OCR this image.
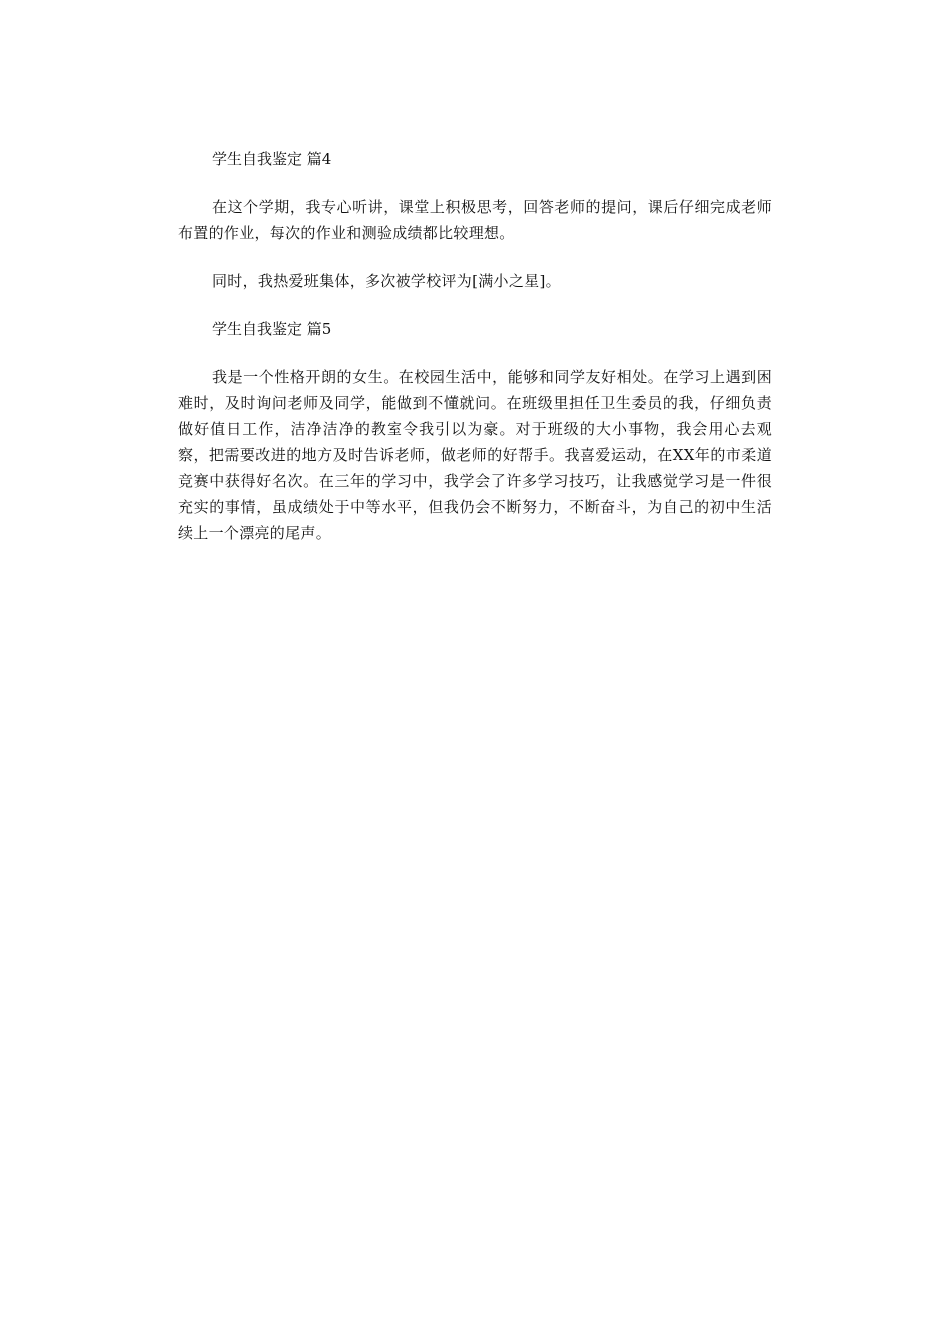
学生自我鉴定 篇4

在这个学期，我专心听讲，课堂上积极思考，回答老师的提问，课后仔细完成老师布置的作业，每次的作业和测验成绩都比较理想。

同时，我热爱班集体，多次被学校评为[满小之星]。

学生自我鉴定 篇5

我是一个性格开朗的女生。在校园生活中，能够和同学友好相处。在学习上遇到困难时，及时询问老师及同学，能做到不懂就问。在班级里担任卫生委员的我，仔细负责做好值日工作，洁净洁净的教室令我引以为豪。对于班级的大小事物，我会用心去观察，把需要改进的地方及时告诉老师，做老师的好帮手。我喜爱运动，在XX年的市柔道竞赛中获得好名次。在三年的学习中，我学会了许多学习技巧，让我感觉学习是一件很充实的事情，虽成绩处于中等水平，但我仍会不断努力，不断奋斗，为自己的初中生活续上一个漂亮的尾声。
